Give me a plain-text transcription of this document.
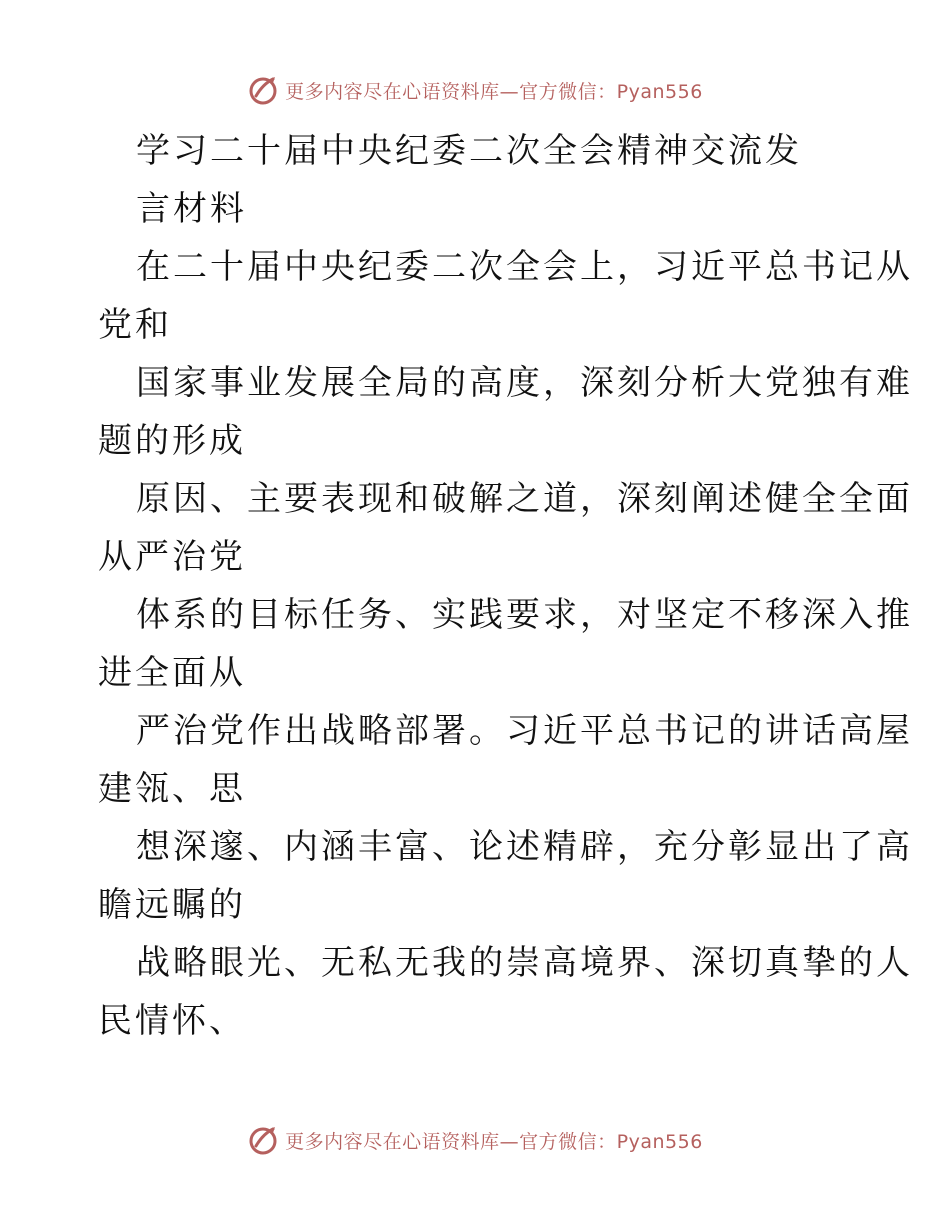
更多内容尽在心语资料库—官方微信：Pyan556
学习二十届中央纪委二次全会精神交流发
言材料
在二十届中央纪委二次全会上，习近平总书记从
党和
国家事业发展全局的高度，深刻分析大党独有难
题的形成
原因、主要表现和破解之道，深刻阐述健全全面
从严治党
体系的目标任务、实践要求，对坚定不移深入推
进全面从
严治党作出战略部署。习近平总书记的讲话高屋
建瓴、思
想深邃、内涵丰富、论述精辟，充分彰显出了高
瞻远瞩的
战略眼光、无私无我的崇高境界、深切真挚的人
民情怀、
更多内容尽在心语资料库—官方微信：Pyan556
